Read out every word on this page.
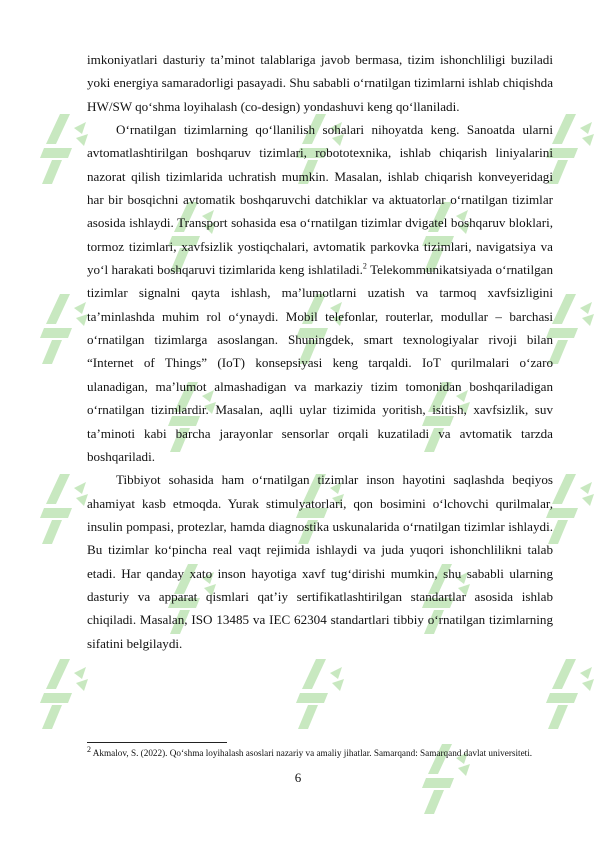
imkoniyatlari dasturiy ta’minot talablariga javob bermasa, tizim ishonchliligi buziladi yoki energiya samaradorligi pasayadi. Shu sababli o‘rnatilgan tizimlarni ishlab chiqishda HW/SW qo‘shma loyihalash (co-design) yondashuvi keng qo‘llaniladi.

O‘rnatilgan tizimlarning qo‘llanilish sohalari nihoyatda keng. Sanoatda ularni avtomatlashtirilgan boshqaruv tizimlari, robototexnika, ishlab chiqarish liniyalarini nazorat qilish tizimlarida uchratish mumkin. Masalan, ishlab chiqarish konveyeridagi har bir bosqichni avtomatik boshqaruvchi datchiklar va aktuatorlar o‘rnatilgan tizimlar asosida ishlaydi. Transport sohasida esa o‘rnatilgan tizimlar dvigatel boshqaruv bloklari, tormoz tizimlari, xavfsizlik yostiqchalari, avtomatik parkovka tizimlari, navigatsiya va yo‘l harakati boshqaruvi tizimlarida keng ishlatiladi.$^2$ Telekommunikatsiyada o‘rnatilgan tizimlar signalni qayta ishlash, ma’lumotlarni uzatish va tarmoq xavfsizligini ta’minlashda muhim rol o‘ynaydi. Mobil telefonlar, routerlar, modullar – barchasi o‘rnatilgan tizimlarga asoslangan. Shuningdek, smart texnologiyalar rivoji bilan “Internet of Things” (IoT) konsepsiyasi keng tarqaldi. IoT qurilmalari o‘zaro ulanadigan, ma’lumot almashadigan va markaziy tizim tomonidan boshqariladigan o‘rnatilgan tizimlardir. Masalan, aqlli uylar tizimida yoritish, isitish, xavfsizlik, suv ta’minoti kabi barcha jarayonlar sensorlar orqali kuzatiladi va avtomatik tarzda boshqariladi.

Tibbiyot sohasida ham o‘rnatilgan tizimlar inson hayotini saqlashda beqiyos ahamiyat kasb etmoqda. Yurak stimulyatorlari, qon bosimini o‘lchovchi qurilmalar, insulin pompasi, protezlar, hamda diagnostika uskunalarida o‘rnatilgan tizimlar ishlaydi. Bu tizimlar ko‘pincha real vaqt rejimida ishlaydi va juda yuqori ishonchlilikni talab etadi. Har qanday xato inson hayotiga xavf tug‘dirishi mumkin, shu sababli ularning dasturiy va apparat qismlari qat’iy sertifikatlashtirilgan standartlar asosida ishlab chiqiladi. Masalan, ISO 13485 va IEC 62304 standartlari tibbiy o‘rnatilgan tizimlarning sifatini belgilaydi.

$^2$ Akmalov, S. (2022). Qo‘shma loyihalash asoslari nazariy va amaliy jihatlar. Samarqand: Samarqand davlat universiteti.

6
